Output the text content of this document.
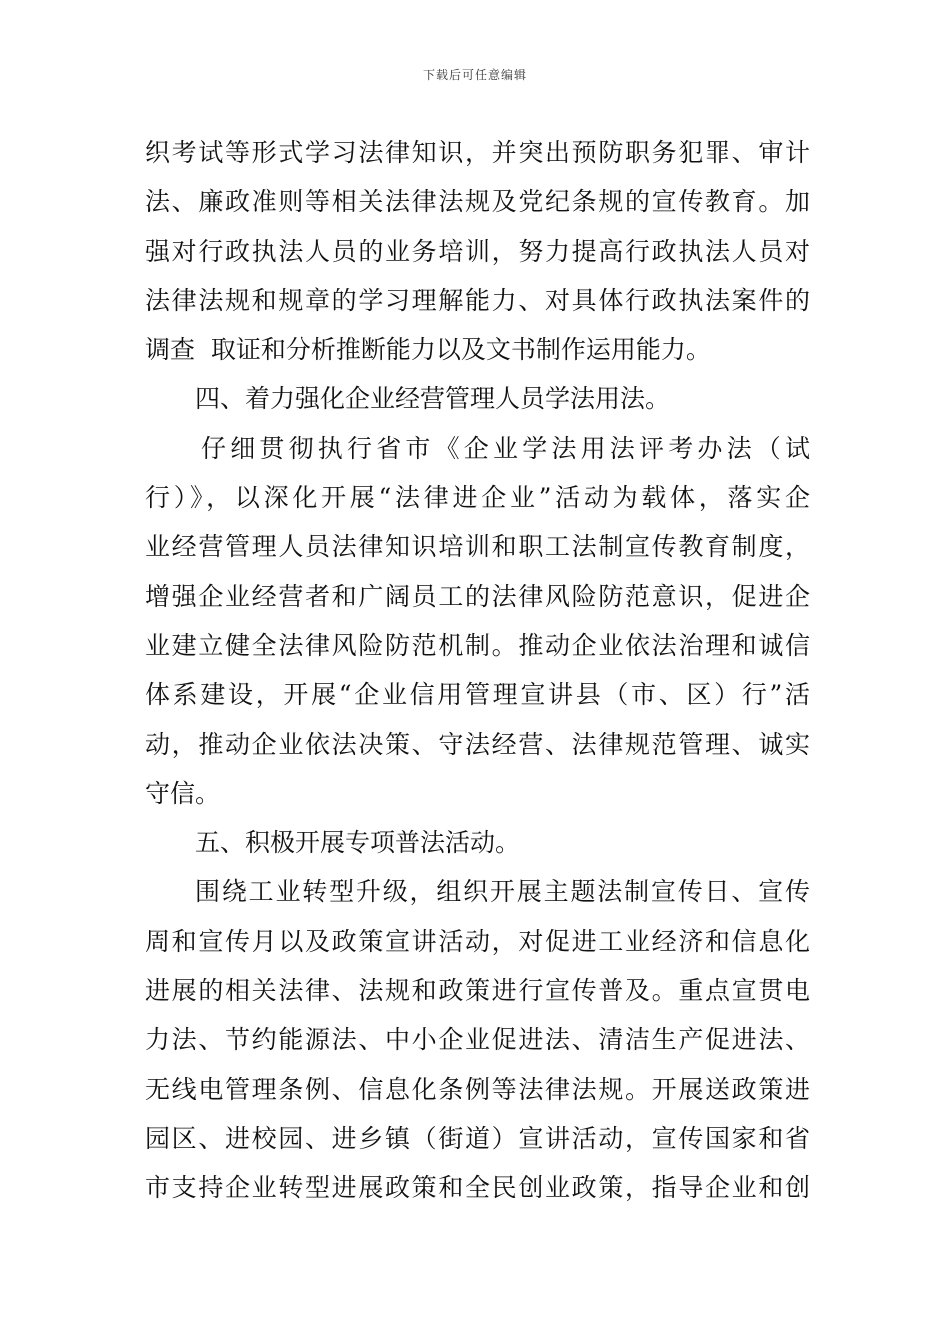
下载后可任意编辑
织考试等形式学习法律知识，并突出预防职务犯罪、审计
法、廉政准则等相关法律法规及党纪条规的宣传教育。加
强对行政执法人员的业务培训，努力提高行政执法人员对
法律法规和规章的学习理解能力、对具体行政执法案件的
调查  取证和分析推断能力以及文书制作运用能力。
四、着力强化企业经营管理人员学法用法。
仔细贯彻执行省市《企业学法用法评考办法（试
行）》，以深化开展“法律进企业”活动为载体，落实企
业经营管理人员法律知识培训和职工法制宣传教育制度，
增强企业经营者和广阔员工的法律风险防范意识，促进企
业建立健全法律风险防范机制。推动企业依法治理和诚信
体系建设，开展“企业信用管理宣讲县（市、区）行”活
动，推动企业依法决策、守法经营、法律规范管理、诚实
守信。
五、积极开展专项普法活动。
围绕工业转型升级，组织开展主题法制宣传日、宣传
周和宣传月以及政策宣讲活动，对促进工业经济和信息化
进展的相关法律、法规和政策进行宣传普及。重点宣贯电
力法、节约能源法、中小企业促进法、清洁生产促进法、
无线电管理条例、信息化条例等法律法规。开展送政策进
园区、进校园、进乡镇（街道）宣讲活动，宣传国家和省
市支持企业转型进展政策和全民创业政策，指导企业和创
